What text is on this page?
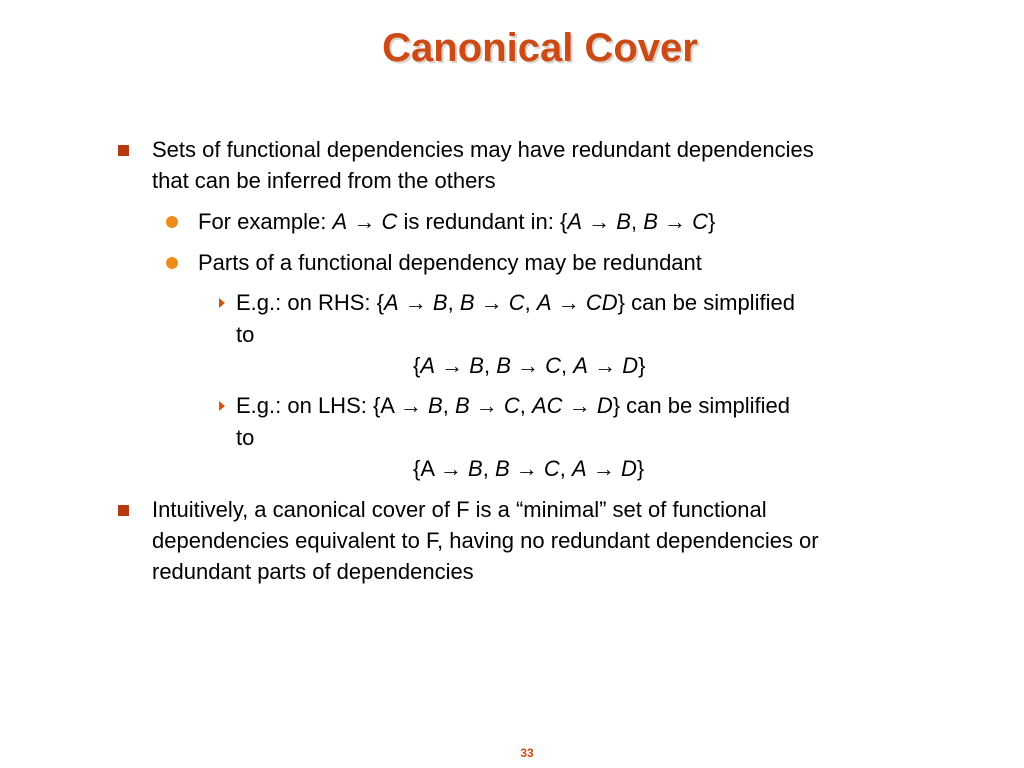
Canonical Cover
Sets of functional dependencies may have redundant dependencies
that can be inferred from the others
For example: A → C is redundant in: {A → B, B → C}
Parts of a functional dependency may be redundant
E.g.: on RHS: {A → B, B → C, A → CD} can be simplified
to
{A → B, B → C, A → D}
E.g.: on LHS: {A → B, B → C, AC → D} can be simplified
to
{A → B, B → C, A → D}
Intuitively, a canonical cover of F is a “minimal” set of functional
dependencies equivalent to F, having no redundant dependencies or
redundant parts of dependencies
33
